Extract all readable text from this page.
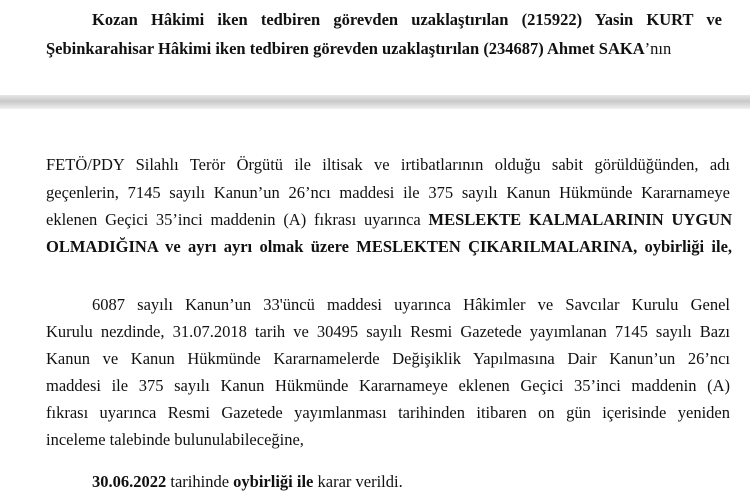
Kozan Hâkimi iken tedbiren görevden uzaklaştırılan (215922) Yasin KURT ve
Şebinkarahisar Hâkimi iken tedbiren görevden uzaklaştırılan (234687) Ahmet SAKA’nın
FETÖ/PDY Silahlı Terör Örgütü ile iltisak ve irtibatlarının olduğu sabit görüldüğünden, adı
geçenlerin, 7145 sayılı Kanun’un 26’ncı maddesi ile 375 sayılı Kanun Hükmünde Kararnameye
eklenen Geçici 35’inci maddenin (A) fıkrası uyarınca MESLEKTE KALMALARININ UYGUN
OLMADIĞINA ve ayrı ayrı olmak üzere MESLEKTEN ÇIKARILMALARINA, oybirliği ile,
6087 sayılı Kanun’un 33'üncü maddesi uyarınca Hâkimler ve Savcılar Kurulu Genel
Kurulu nezdinde, 31.07.2018 tarih ve 30495 sayılı Resmi Gazetede yayımlanan 7145 sayılı Bazı
Kanun ve Kanun Hükmünde Kararnamelerde Değişiklik Yapılmasına Dair Kanun’un 26’ncı
maddesi ile 375 sayılı Kanun Hükmünde Kararnameye eklenen Geçici 35’inci maddenin (A)
fıkrası uyarınca Resmi Gazetede yayımlanması tarihinden itibaren on gün içerisinde yeniden
inceleme talebinde bulunulabileceğine,
30.06.2022 tarihinde oybirliği ile karar verildi.
